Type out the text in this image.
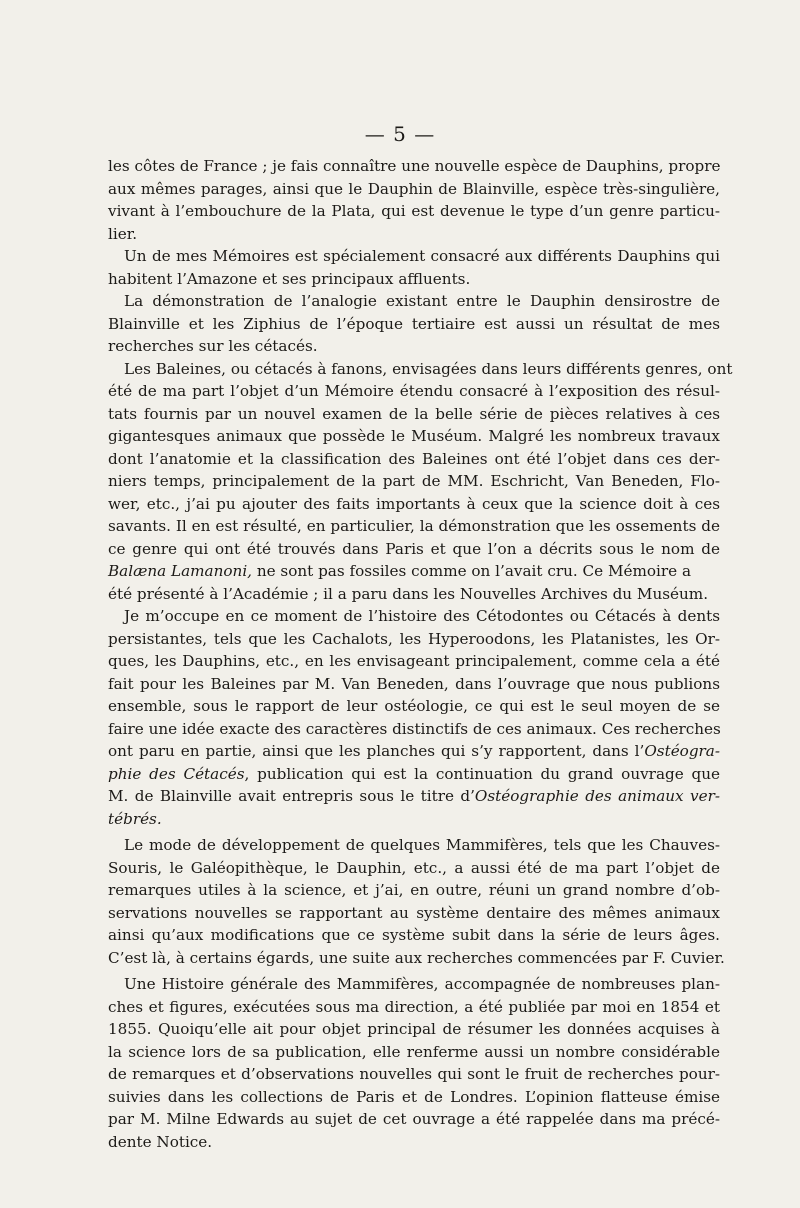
— 5 —
les côtes de France ; je fais connaître une nouvelle espèce de Dauphins, propre
aux mêmes parages, ainsi que le Dauphin de Blainville, espèce très-singulière,
vivant à l’embouchure de la Plata, qui est devenue le type d’un genre particu-
lier.
Un de mes Mémoires est spécialement consacré aux différents Dauphins qui
habitent l’Amazone et ses principaux affluents.
La démonstration de l’analogie existant entre le Dauphin densirostre de
Blainville et les Ziphius de l’époque tertiaire est aussi un résultat de mes
recherches sur les cétacés.
Les Baleines, ou cétacés à fanons, envisagées dans leurs différents genres, ont
été de ma part l’objet d’un Mémoire étendu consacré à l’exposition des résul-
tats fournis par un nouvel examen de la belle série de pièces relatives à ces
gigantesques animaux que possède le Muséum. Malgré les nombreux travaux
dont l’anatomie et la classification des Baleines ont été l’objet dans ces der-
niers temps, principalement de la part de MM. Eschricht, Van Beneden, Flo-
wer, etc., j’ai pu ajouter des faits importants à ceux que la science doit à ces
savants. Il en est résulté, en particulier, la démonstration que les ossements de
ce genre qui ont été trouvés dans Paris et que l’on a décrits sous le nom de
Balæna Lamanoni, ne sont pas fossiles comme on l’avait cru. Ce Mémoire a
été présenté à l’Académie ; il a paru dans les Nouvelles Archives du Muséum.
Je m’occupe en ce moment de l’histoire des Cétodontes ou Cétacés à dents
persistantes, tels que les Cachalots, les Hyperoodons, les Platanistes, les Or-
ques, les Dauphins, etc., en les envisageant principalement, comme cela a été
fait pour les Baleines par M. Van Beneden, dans l’ouvrage que nous publions
ensemble, sous le rapport de leur ostéologie, ce qui est le seul moyen de se
faire une idée exacte des caractères distinctifs de ces animaux. Ces recherches
ont paru en partie, ainsi que les planches qui s’y rapportent, dans l’Ostéogra-
phie des Cétacés, publication qui est la continuation du grand ouvrage que
M. de Blainville avait entrepris sous le titre d’Ostéographie des animaux ver-
tébrés.
Le mode de développement de quelques Mammifères, tels que les Chauves-
Souris, le Galéopithèque, le Dauphin, etc., a aussi été de ma part l’objet de
remarques utiles à la science, et j’ai, en outre, réuni un grand nombre d’ob-
servations nouvelles se rapportant au système dentaire des mêmes animaux
ainsi qu’aux modifications que ce système subit dans la série de leurs âges.
C’est là, à certains égards, une suite aux recherches commencées par F. Cuvier.
Une Histoire générale des Mammifères, accompagnée de nombreuses plan-
ches et figures, exécutées sous ma direction, a été publiée par moi en 1854 et
1855. Quoiqu’elle ait pour objet principal de résumer les données acquises à
la science lors de sa publication, elle renferme aussi un nombre considérable
de remarques et d’observations nouvelles qui sont le fruit de recherches pour-
suivies dans les collections de Paris et de Londres. L’opinion flatteuse émise
par M. Milne Edwards au sujet de cet ouvrage a été rappelée dans ma précé-
dente Notice.
